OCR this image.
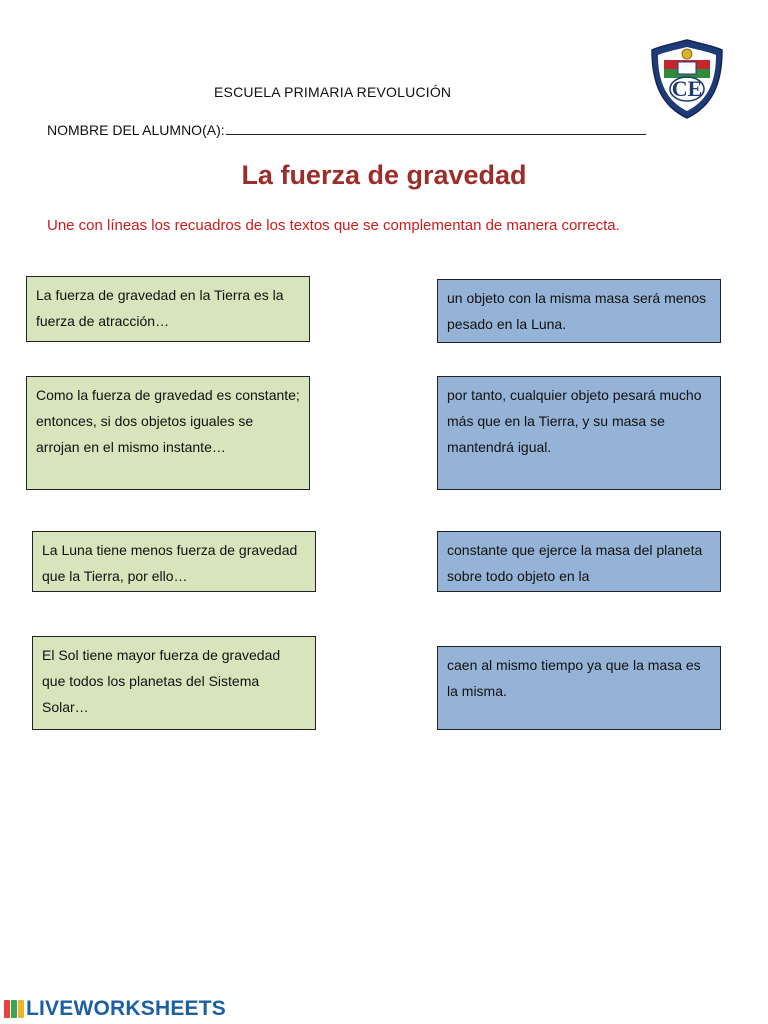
CE
ESCUELA PRIMARIA REVOLUCIÓN
NOMBRE DEL ALUMNO(A):
La fuerza de gravedad
Une con líneas los recuadros de los textos que se complementan de manera correcta.
La fuerza de gravedad en la Tierra es la fuerza de atracción…
Como la fuerza de gravedad es constante; entonces, si dos objetos iguales se arrojan en el mismo instante…
La Luna tiene menos fuerza de gravedad que la Tierra, por ello…
El Sol tiene mayor fuerza de gravedad que todos los planetas del Sistema Solar…
un objeto con la misma masa será menos pesado en la Luna.
por tanto, cualquier objeto pesará mucho más que en la Tierra, y su masa se mantendrá igual.
constante que ejerce la masa del planeta sobre todo objeto en la
caen al mismo tiempo ya que la masa es la misma.
LIVEWORKSHEETS
